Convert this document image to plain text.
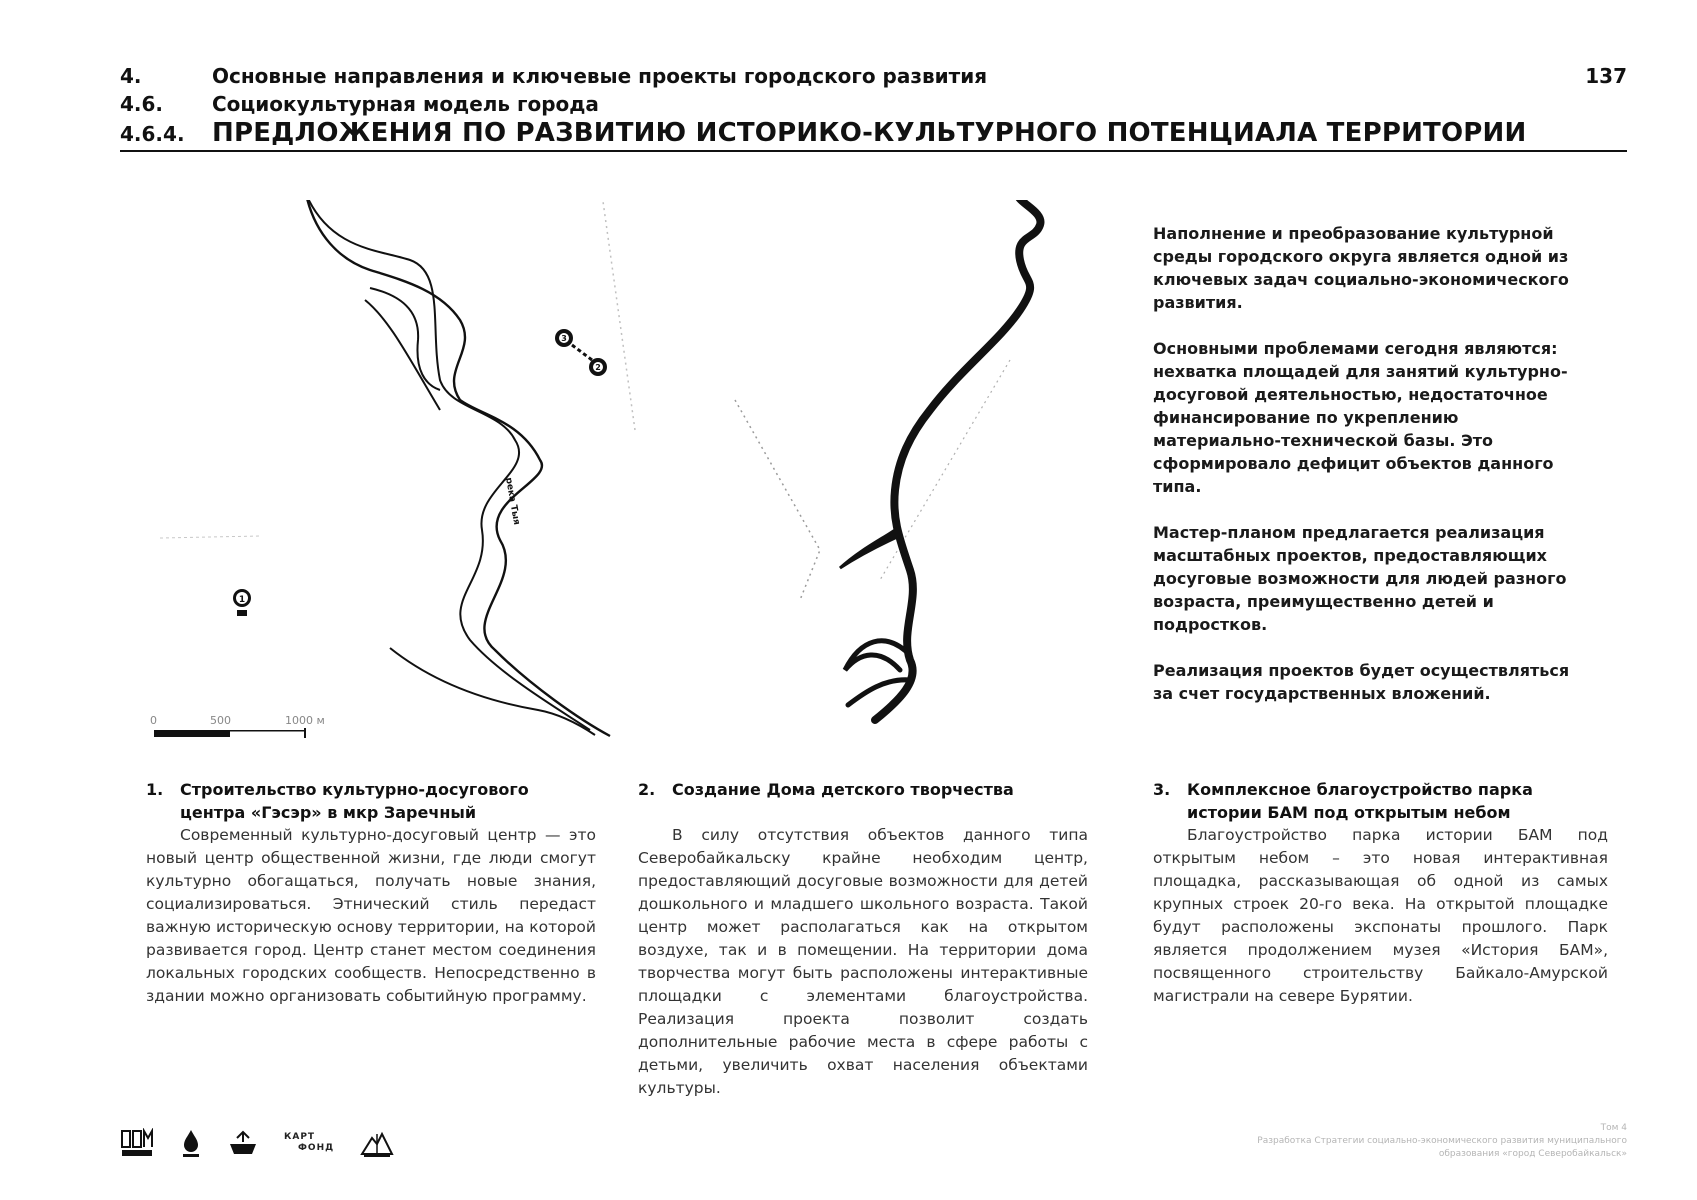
4.	Основные направления и ключевые проекты городского развития
4.6.	Социокультурная модель города
4.6.4.	ПРЕДЛОЖЕНИЯ ПО РАЗВИТИЮ ИСТОРИКО-КУЛЬТУРНОГО ПОТЕНЦИАЛА ТЕРРИТОРИИ
137
река Тыя
1
3
2
0	500	1000 м

Наполнение и преобразование культурной среды городского округа является одной из ключевых задач социально-экономического развития.

Основными проблемами сегодня являются: нехватка площадей для занятий культурно-досуговой деятельностью, недостаточное финансирование по укреплению материально-технической базы. Это сформировало дефицит объектов данного типа.

Мастер-планом предлагается реализация масштабных проектов, предоставляющих досуговые возможности для людей разного возраста, преимущественно детей и подростков.

Реализация проектов будет осуществляться за счет государственных вложений.

1.	Строительство культурно-досугового центра «Гэсэр» в мкр Заречный
Современный культурно-досуговый центр — это новый центр общественной жизни, где люди смогут культурно обогащаться, получать новые знания, социализироваться. Этнический стиль передаст важную историческую основу территории, на которой развивается город. Центр станет местом соединения локальных городских сообществ. Непосредственно в здании можно организовать событийную программу.
2.	Создание Дома детского творчества
В силу отсутствия объектов данного типа Северобайкальску крайне необходим центр, предоставляющий досуговые возможности для детей дошкольного и младшего школьного возраста. Такой центр может располагаться как на открытом воздухе, так и в помещении. На территории дома творчества могут быть расположены интерактивные площадки с элементами благоустройства. Реализация проекта позволит создать дополнительные рабочие места в сфере работы с детьми, увеличить охват населения объектами культуры.
3.	Комплексное благоустройство парка истории БАМ под открытым небом
Благоустройство парка истории БАМ под открытым небом – это новая интерактивная площадка, рассказывающая об одной из самых крупных строек 20-го века. На открытой площадке будут расположены экспонаты прошлого. Парк является продолжением музея «История БАМ», посвященного строительству Байкало-Амурской магистрали на севере Бурятии.
КАРТ
ФОНД
Том 4
Разработка Стратегии социально-экономического развития муниципального
образования «город Северобайкальск»
